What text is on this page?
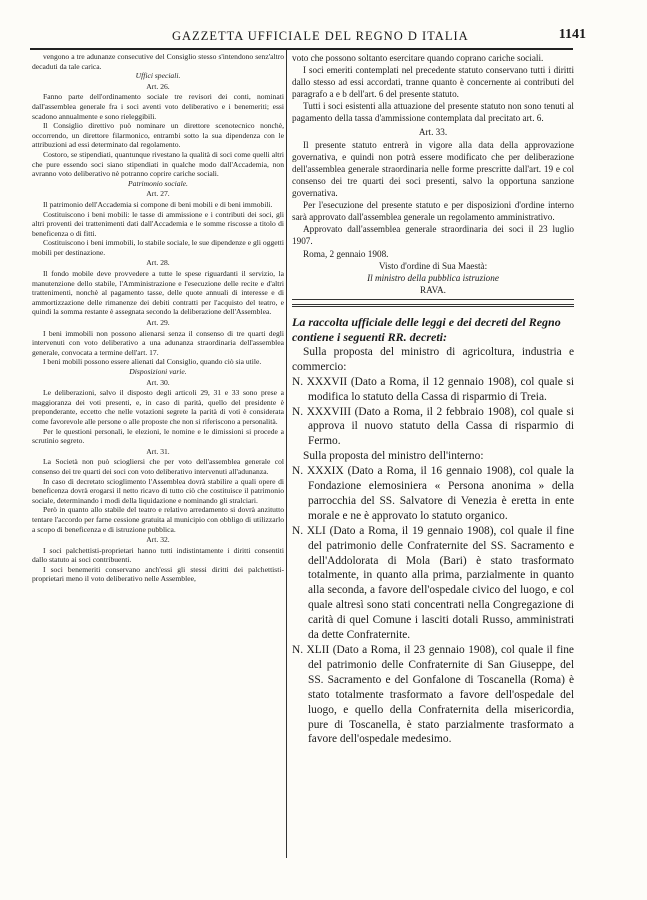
GAZZETTA UFFICIALE DEL REGNO D ITALIA	1141

vengono a tre adunanze consecutive del Consiglio stesso s'intendono senz'altro decaduti da tale carica.

Uffici speciali.

Art. 26.

Fanno parte dell'ordinamento sociale tre revisori dei conti, nominati dall'assemblea generale fra i soci aventi voto deliberativo e i benemeriti; essi scadono annualmente e sono rieleggibili.

Il Consiglio direttivo può nominare un direttore scenotecnico nonchè, occorrendo, un direttore filarmonico, entrambi sotto la sua dipendenza con le attribuzioni ad essi determinato dal regolamento.

Costoro, se stipendiati, quantunque rivestano la qualità di soci come quelli altri che pure essendo soci siano stipendiati in qualche modo dall'Accademia, non avranno voto deliberativo nè potranno coprire cariche sociali.

Patrimonio sociale.

Art. 27.

Il patrimonio dell'Accademia si compone di beni mobili e di beni immobili.

Costituiscono i beni mobili: le tasse di ammissione e i contributi dei soci, gli altri proventi dei trattenimenti dati dall'Accademia e le somme riscosse a titolo di beneficenza o di fitti.

Costituiscono i beni immobili, lo stabile sociale, le sue dipendenze e gli oggetti mobili per destinazione.

Art. 28.

Il fondo mobile deve provvedere a tutte le spese riguardanti il servizio, la manutenzione dello stabile, l'Amministrazione e l'esecuzione delle recite e d'altri trattenimenti, nonchè al pagamento tasse, delle quote annuali di interesse e di ammortizzazione delle rimanenze dei debiti contratti per l'acquisto del teatro, e quindi la somma restante è assegnata secondo la deliberazione dell'Assemblea.

Art. 29.

I beni immobili non possono alienarsi senza il consenso di tre quarti degli intervenuti con voto deliberativo a una adunanza straordinaria dell'assemblea generale, convocata a termine dell'art. 17.

I beni mobili possono essere alienati dal Consiglio, quando ciò sia utile.

Disposizioni varie.

Art. 30.

Le deliberazioni, salvo il disposto degli articoli 29, 31 e 33 sono prese a maggioranza dei voti presenti, e, in caso di parità, quello del presidente è preponderante, eccetto che nelle votazioni segrete la parità di voti è considerata come favorevole alle persone o alle proposte che non si riferiscono a personalità.

Per le questioni personali, le elezioni, le nomine e le dimissioni si procede a scrutinio segreto.

Art. 31.

La Società non può sciogliersi che per voto dell'assemblea generale col consenso dei tre quarti dei soci con voto deliberativo intervenuti all'adunanza.

In caso di decretato scioglimento l'Assemblea dovrà stabilire a quali opere di beneficenza dovrà erogarsi il netto ricavo di tutto ciò che costituisce il patrimonio sociale, determinando i modi della liquidazione e nominando gli stralciari.

Però in quanto allo stabile del teatro e relativo arredamento si dovrà anzitutto tentare l'accordo per farne cessione gratuita al municipio con obbligo di utilizzarlo a scopo di beneficenza e di istruzione pubblica.

Art. 32.

I soci palchettisti-proprietari hanno tutti indistintamente i diritti consentiti dallo statuto ai soci contribuenti.

I soci benemeriti conservano anch'essi gli stessi diritti dei palchettisti-proprietari meno il voto deliberativo nelle Assemblee,

voto che possono soltanto esercitare quando coprano cariche sociali.

I soci emeriti contemplati nel precedente statuto conservano tutti i diritti dallo stesso ad essi accordati, tranne quanto è concernente ai contributi del paragrafo a e b dell'art. 6 del presente statuto.

Tutti i soci esistenti alla attuazione del presente statuto non sono tenuti al pagamento della tassa d'ammissione contemplata dal precitato art. 6.

Art. 33.

Il presente statuto entrerà in vigore alla data della approvazione governativa, e quindi non potrà essere modificato che per deliberazione dell'assemblea generale straordinaria nelle forme prescritte dall'art. 19 e col consenso dei tre quarti dei soci presenti, salvo la opportuna sanzione governativa.

Per l'esecuzione del presente statuto e per disposizioni d'ordine interno sarà approvato dall'assemblea generale un regolamento amministrativo.

Approvato dall'assemblea generale straordinaria dei soci il 23 luglio 1907.

Roma, 2 gennaio 1908.

Visto d'ordine di Sua Maestà:

Il ministro della pubblica istruzione

RAVA.

La raccolta ufficiale delle leggi e dei decreti del Regno contiene i seguenti RR. decreti:

Sulla proposta del ministro di agricoltura, industria e commercio:

N. XXXVII (Dato a Roma, il 12 gennaio 1908), col quale si modifica lo statuto della Cassa di risparmio di Treia.

N. XXXVIII (Dato a Roma, il 2 febbraio 1908), col quale si approva il nuovo statuto della Cassa di risparmio di Fermo.

Sulla proposta del ministro dell'interno:

N. XXXIX (Dato a Roma, il 16 gennaio 1908), col quale la Fondazione elemosiniera « Persona anonima » della parrocchia del SS. Salvatore di Venezia è eretta in ente morale e ne è approvato lo statuto organico.

N. XLI (Dato a Roma, il 19 gennaio 1908), col quale il fine del patrimonio delle Confraternite del SS. Sacramento e dell'Addolorata di Mola (Bari) è stato trasformato totalmente, in quanto alla prima, parzialmente in quanto alla seconda, a favore dell'ospedale civico del luogo, e col quale altresì sono stati concentrati nella Congregazione di carità di quel Comune i lasciti dotali Russo, amministrati da dette Confraternite.

N. XLII (Dato a Roma, il 23 gennaio 1908), col quale il fine del patrimonio delle Confraternite di San Giuseppe, del SS. Sacramento e del Gonfalone di Toscanella (Roma) è stato totalmente trasformato a favore dell'ospedale del luogo, e quello della Confraternita della misericordia, pure di Toscanella, è stato parzialmente trasformato a favore dell'ospedale medesimo.
